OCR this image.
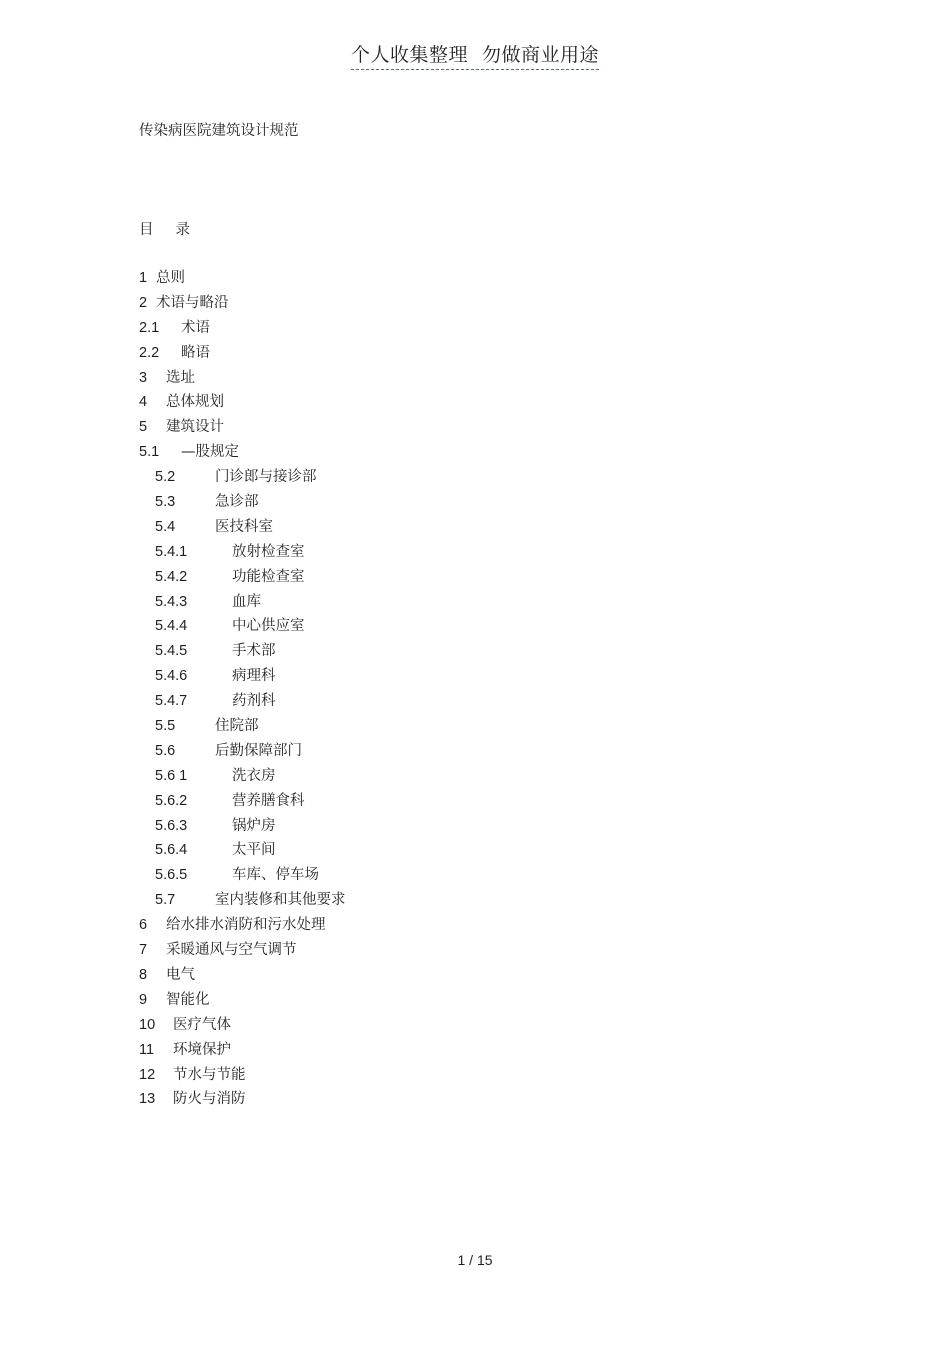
个人收集整理 勿做商业用途
传染病医院建筑设计规范
目 录
1 总则
2 术语与略沿
2.1 术语
2.2 略语
3 选址
4 总体规划
5 建筑设计
5.1 —股规定
5.2	门诊郎与接诊部
5.3	急诊部
5.4	医技科室
5.4.1	放射检查室
5.4.2	功能检查室
5.4.3	血库
5.4.4	中心供应室
5.4.5	手术部
5.4.6	病理科
5.4.7	药剂科
5.5	住院部
5.6	后勤保障部门
5.6 1	洗衣房
5.6.2	营养膳食科
5.6.3	锅炉房
5.6.4	太平间
5.6.5	车库、停车场
5.7	室内装修和其他要求
6 给水排水消防和污水处理
7 采暖通风与空气调节
8 电气
9 智能化
10 医疗气体
11 环境保护
12 节水与节能
13 防火与消防
1 / 15
